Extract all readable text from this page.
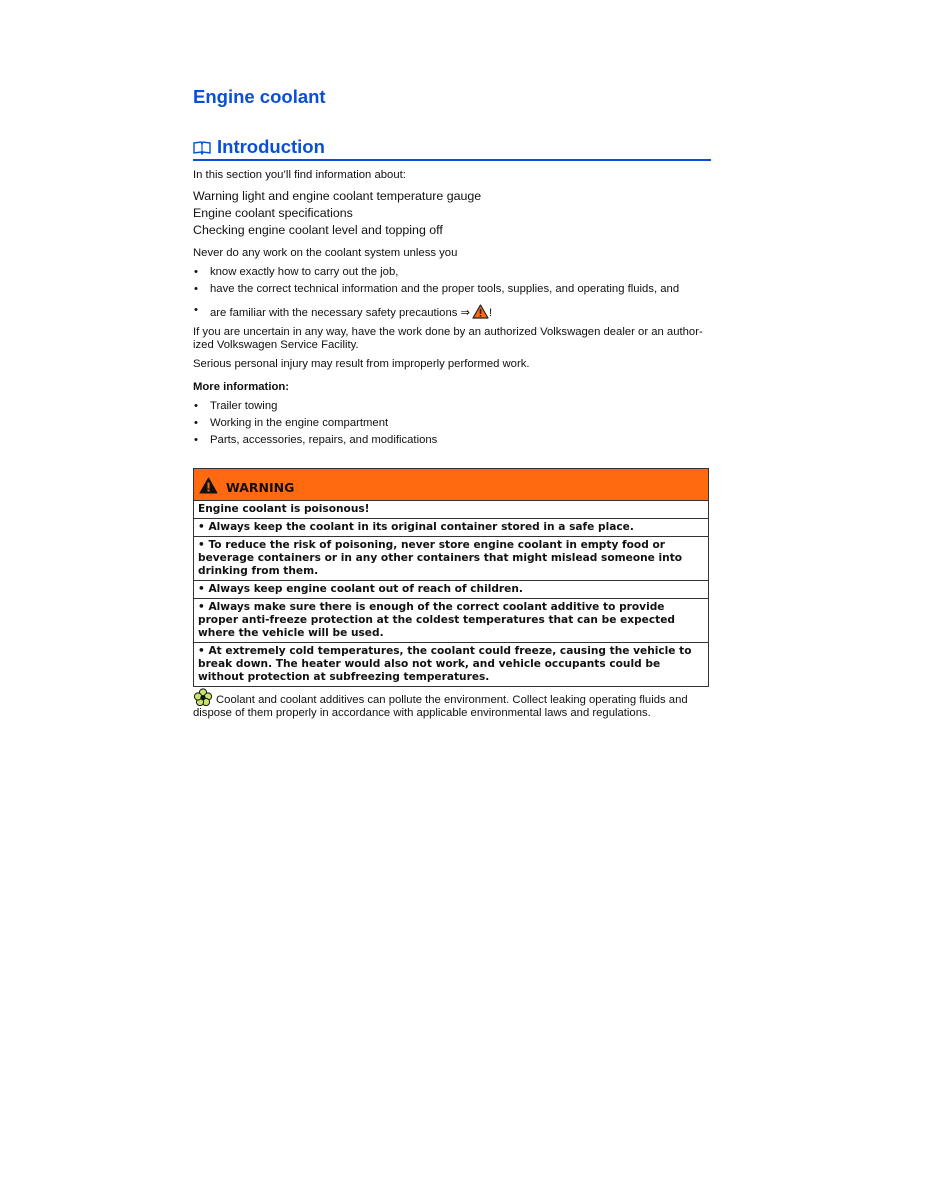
Engine coolant
Introduction

In this section you’ll find information about:

Warning light and engine coolant temperature gauge

Engine coolant specifications

Checking engine coolant level and topping off

Never do any work on the coolant system unless you

• know exactly how to carry out the job,
• have the correct technical information and the proper tools, supplies, and operating fluids, and
• are familiar with the necessary safety precautions ⇒ !

If you are uncertain in any way, have the work done by an authorized Volkswagen dealer or an author-ized Volkswagen Service Facility.

Serious personal injury may result from improperly performed work.

More information:

• Trailer towing
• Working in the engine compartment
• Parts, accessories, repairs, and modifications
WARNING
Engine coolant is poisonous!
• Always keep the coolant in its original container stored in a safe place.
• To reduce the risk of poisoning, never store engine coolant in empty food or beverage containers or in any other containers that might mislead someone into drinking from them.
• Always keep engine coolant out of reach of children.
• Always make sure there is enough of the correct coolant additive to provide proper anti-freeze protection at the coldest temperatures that can be expected where the vehicle will be used.
• At extremely cold temperatures, the coolant could freeze, causing the vehicle to break down. The heater would also not work, and vehicle occupants could be without protection at subfreezing temperatures.
Coolant and coolant additives can pollute the environment. Collect leaking operating fluids and dispose of them properly in accordance with applicable environmental laws and regulations.
